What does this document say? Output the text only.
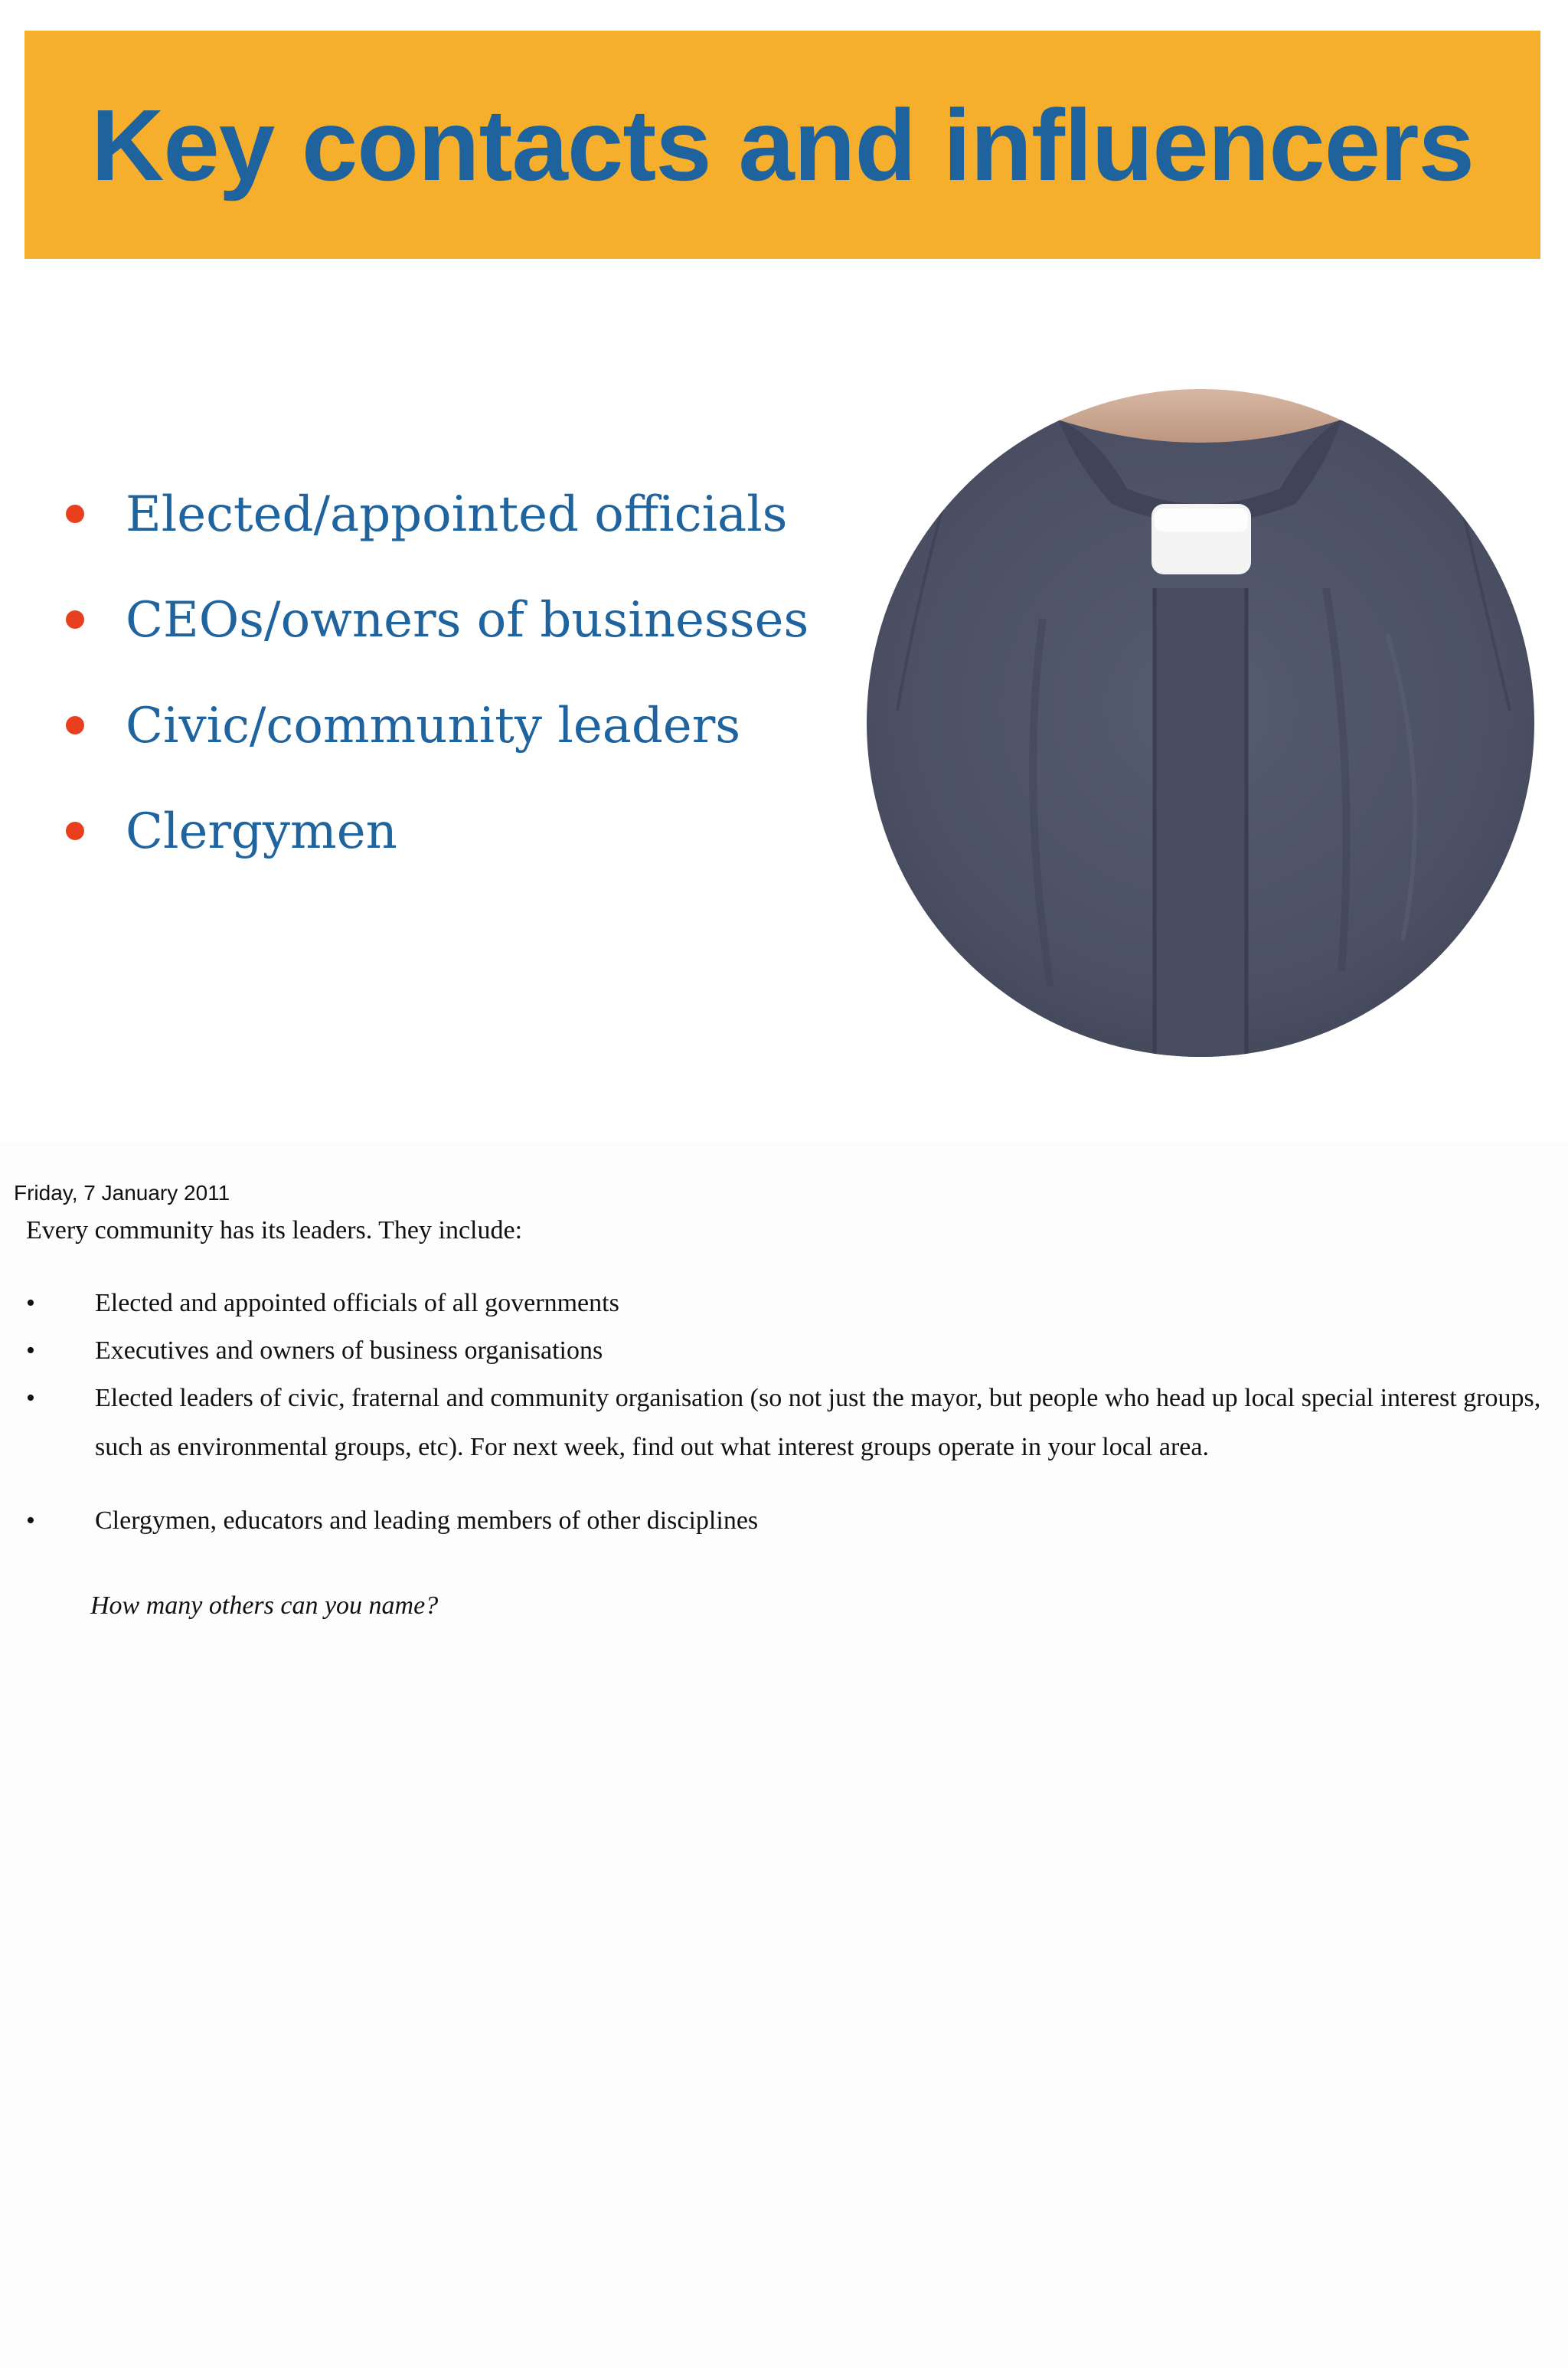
Key contacts and influencers
Elected/appointed officials
CEOs/owners of businesses
Civic/community leaders
Clergymen
Friday, 7 January 2011
Every community has its leaders. They include:
• Elected and appointed officials of all governments
• Executives and owners of business organisations
• Elected leaders of civic, fraternal and community organisation (so not just the mayor, but people who head up local special interest groups, such as environmental groups, etc). For next week, find out what interest groups operate in your local area.
• Clergymen, educators and leading members of other disciplines
How many others can you name?
